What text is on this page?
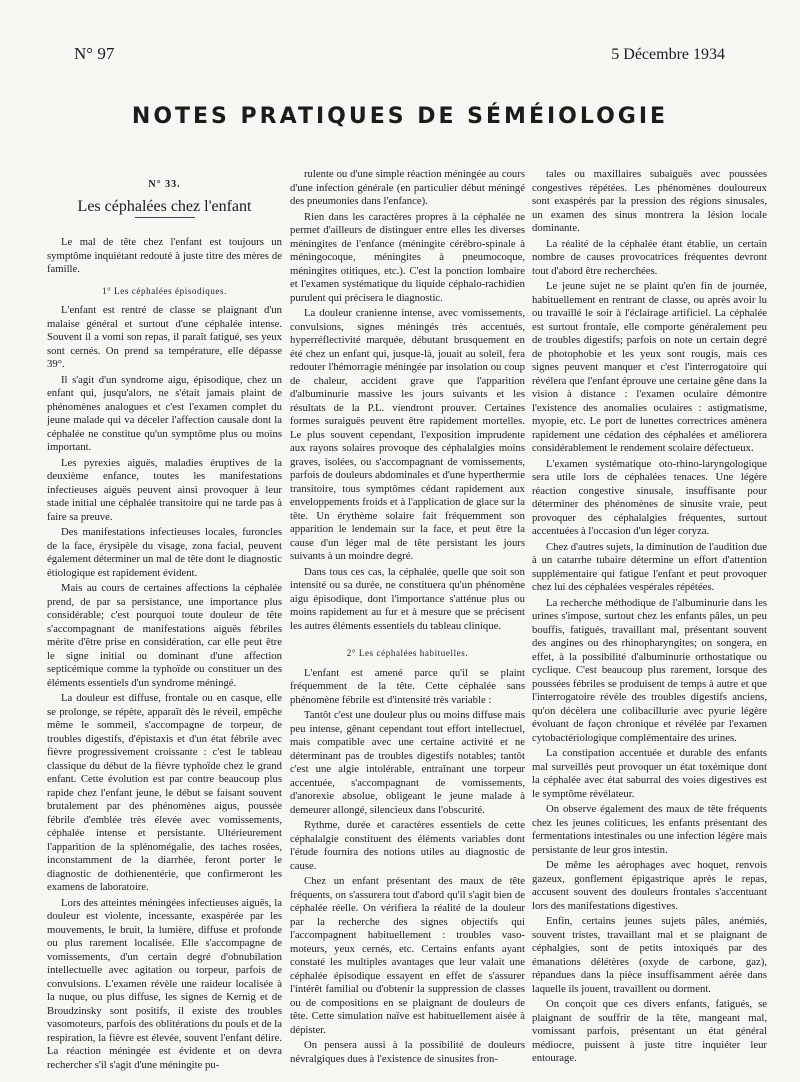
N° 97	5 Décembre 1934
NOTES PRATIQUES DE SÉMÉIOLOGIE
N° 33.
Les céphalées chez l'enfant

Le mal de tête chez l'enfant est toujours un symptôme inquiétant redouté à juste titre des mères de famille.

1° Les céphalées épisodiques.

L'enfant est rentré de classe se plaignant d'un malaise général et surtout d'une céphalée intense. Souvent il a vomi son repas, il paraît fatigué, ses yeux sont cernés. On prend sa température, elle dépasse 39°.

Il s'agit d'un syndrome aigu, épisodique, chez un enfant qui, jusqu'alors, ne s'était jamais plaint de phénomènes analogues et c'est l'examen complet du jeune malade qui va déceler l'affection causale dont la céphalée ne constitue qu'un symptôme plus ou moins important.

Les pyrexies aiguës, maladies éruptives de la deuxième enfance, toutes les manifestations infectieuses aiguës peuvent ainsi provoquer à leur stade initial une céphalée transitoire qui ne tarde pas à faire sa preuve.

Des manifestations infectieuses locales, furoncles de la face, érysipèle du visage, zona facial, peuvent également déterminer un mal de tête dont le diagnostic étiologique est rapidement évident.

Mais au cours de certaines affections la céphalée prend, de par sa persistance, une importance plus considérable; c'est pourquoi toute douleur de tête s'accompagnant de manifestations aiguës fébriles mérite d'être prise en considération, car elle peut être le signe initial ou dominant d'une affection septicémique comme la typhoïde ou constituer un des éléments essentiels d'un syndrome méningé.

La douleur est diffuse, frontale ou en casque, elle se prolonge, se répète, apparaît dès le réveil, empêche même le sommeil, s'accompagne de torpeur, de troubles digestifs, d'épistaxis et d'un état fébrile avec fièvre progressivement croissante : c'est le tableau classique du début de la fièvre typhoïde chez le grand enfant. Cette évolution est par contre beaucoup plus rapide chez l'enfant jeune, le début se faisant souvent brutalement par des phénomènes aigus, poussée fébrile d'emblée très élevée avec vomissements, céphalée intense et persistante. Ultérieurement l'apparition de la splénomégalie, des taches rosées, inconstamment de la diarrhée, feront porter le diagnostic de dothienentérie, que confirmeront les examens de laboratoire.

Lors des atteintes méningées infectieuses aiguës, la douleur est violente, incessante, exaspérée par les mouvements, le bruit, la lumière, diffuse et profonde ou plus rarement localisée. Elle s'accompagne de vomissements, d'un certain degré d'obnubilation intellectuelle avec agitation ou torpeur, parfois de convulsions. L'examen révèle une raideur localisée à la nuque, ou plus diffuse, les signes de Kernig et de Broudzinsky sont positifs, il existe des troubles vasomoteurs, parfois des oblitérations du pouls et de la respiration, la fièvre est élevée, souvent l'enfant délire. La réaction méningée est évidente et on devra rechercher s'il s'agit d'une méningite pu-

rulente ou d'une simple réaction méningée au cours d'une infection générale (en particulier début méningé des pneumonies dans l'enfance).

Rien dans les caractères propres à la céphalée ne permet d'ailleurs de distinguer entre elles les diverses méningites de l'enfance (méningite cérébro-spinale à méningocoque, méningites à pneumocoque, méningites otitiques, etc.). C'est la ponction lombaire et l'examen systématique du liquide céphalo-rachidien purulent qui précisera le diagnostic.

La douleur cranienne intense, avec vomissements, convulsions, signes méningés très accentués, hyperréflectivité marquée, débutant brusquement en été chez un enfant qui, jusque-là, jouait au soleil, fera redouter l'hémorragie méningée par insolation ou coup de chaleur, accident grave que l'apparition d'albuminurie massive les jours suivants et les résultats de la P.L. viendront prouver. Certaines formes suraiguës peuvent être rapidement mortelles. Le plus souvent cependant, l'exposition imprudente aux rayons solaires provoque des céphalalgies moins graves, isolées, ou s'accompagnant de vomissements, parfois de douleurs abdominales et d'une hyperthermie transitoire, tous symptômes cédant rapidement aux enveloppements froids et à l'application de glace sur la tête. Un érythème solaire fait fréquemment son apparition le lendemain sur la face, et peut être la cause d'un léger mal de tête persistant les jours suivants à un moindre degré.

Dans tous ces cas, la céphalée, quelle que soit son intensité ou sa durée, ne constituera qu'un phénomène aigu épisodique, dont l'importance s'atténue plus ou moins rapidement au fur et à mesure que se précisent les autres éléments essentiels du tableau clinique.

2° Les céphalées habituelles.

L'enfant est amené parce qu'il se plaint fréquemment de la tête. Cette céphalée sans phénomène fébrile est d'intensité très variable :

Tantôt c'est une douleur plus ou moins diffuse mais peu intense, gênant cependant tout effort intellectuel, mais compatible avec une certaine activité et ne déterminant pas de troubles digestifs notables; tantôt c'est une algie intolérable, entraînant une torpeur accentuée, s'accompagnant de vomissements, d'anorexie absolue, obligeant le jeune malade à demeurer allongé, silencieux dans l'obscurité.

Rythme, durée et caractères essentiels de cette céphalalgie constituent des éléments variables dont l'étude fournira des notions utiles au diagnostic de cause.

Chez un enfant présentant des maux de tête fréquents, on s'assurera tout d'abord qu'il s'agit bien de céphalée réelle. On vérifiera la réalité de la douleur par la recherche des signes objectifs qui l'accompagnent habituellement : troubles vaso-moteurs, yeux cernés, etc. Certains enfants ayant constaté les multiples avantages que leur valait une céphalée épisodique essayent en effet de s'assurer l'intérêt familial ou d'obtenir la suppression de classes ou de compositions en se plaignant de douleurs de tête. Cette simulation naïve est habituellement aisée à dépister.

On pensera aussi à la possibilité de douleurs névralgiques dues à l'existence de sinusites fron-

tales ou maxillaires subaiguës avec poussées congestives répétées. Les phénomènes douloureux sont exaspérés par la pression des régions sinusales, un examen des sinus montrera la lésion locale dominante.

La réalité de la céphalée étant établie, un certain nombre de causes provocatrices fréquentes devront tout d'abord être recherchées.

Le jeune sujet ne se plaint qu'en fin de journée, habituellement en rentrant de classe, ou après avoir lu ou travaillé le soir à l'éclairage artificiel. La céphalée est surtout frontale, elle comporte généralement peu de troubles digestifs; parfois on note un certain degré de photophobie et les yeux sont rougis, mais ces signes peuvent manquer et c'est l'interrogatoire qui révélera que l'enfant éprouve une certaine gêne dans la vision à distance : l'examen oculaire démontre l'existence des anomalies oculaires : astigmatisme, myopie, etc. Le port de lunettes correctrices amènera rapidement une cédation des céphalées et améliorera considérablement le rendement scolaire défectueux.

L'examen systématique oto-rhino-laryngologique sera utile lors de céphalées tenaces. Une légère réaction congestive sinusale, insuffisante pour déterminer des phénomènes de sinusite vraie, peut provoquer des céphalalgies fréquentes, surtout accentuées à l'occasion d'un léger coryza.

Chez d'autres sujets, la diminution de l'audition due à un catarrhe tubaire détermine un effort d'attention supplémentaire qui fatigue l'enfant et peut provoquer chez lui des céphalées vespérales répétées.

La recherche méthodique de l'albuminurie dans les urines s'impose, surtout chez les enfants pâles, un peu bouffis, fatigués, travaillant mal, présentant souvent des angines ou des rhinopharyngites; on songera, en effet, à la possibilité d'albuminurie orthostatique ou cyclique. C'est beaucoup plus rarement, lorsque des poussées fébriles se produisent de temps à autre et que l'interrogatoire révèle des troubles digestifs anciens, qu'on décèlera une colibacillurie avec pyurie légère évoluant de façon chronique et révélée par l'examen cytobactériologique complémentaire des urines.

La constipation accentuée et durable des enfants mal surveillés peut provoquer un état toxémique dont la céphalée avec état saburral des voies digestives est le symptôme révélateur.

On observe également des maux de tête fréquents chez les jeunes coliticues, les enfants présentant des fermentations intestinales ou une infection légère mais persistante de leur gros intestin.

De même les aérophages avec hoquet, renvois gazeux, gonflement épigastrique après le repas, accusent souvent des douleurs frontales s'accentuant lors des manifestations digestives.

Enfin, certains jeunes sujets pâles, anémiés, souvent tristes, travaillant mal et se plaignant de céphalgies, sont de petits intoxiqués par des émanations délétères (oxyde de carbone, gaz), répandues dans la pièce insuffisamment aérée dans laquelle ils jouent, travaillent ou dorment.

On conçoit que ces divers enfants, fatigués, se plaignant de souffrir de la tête, mangeant mal, vomissant parfois, présentant un état général médiocre, puissent à juste titre inquiéter leur entourage.
